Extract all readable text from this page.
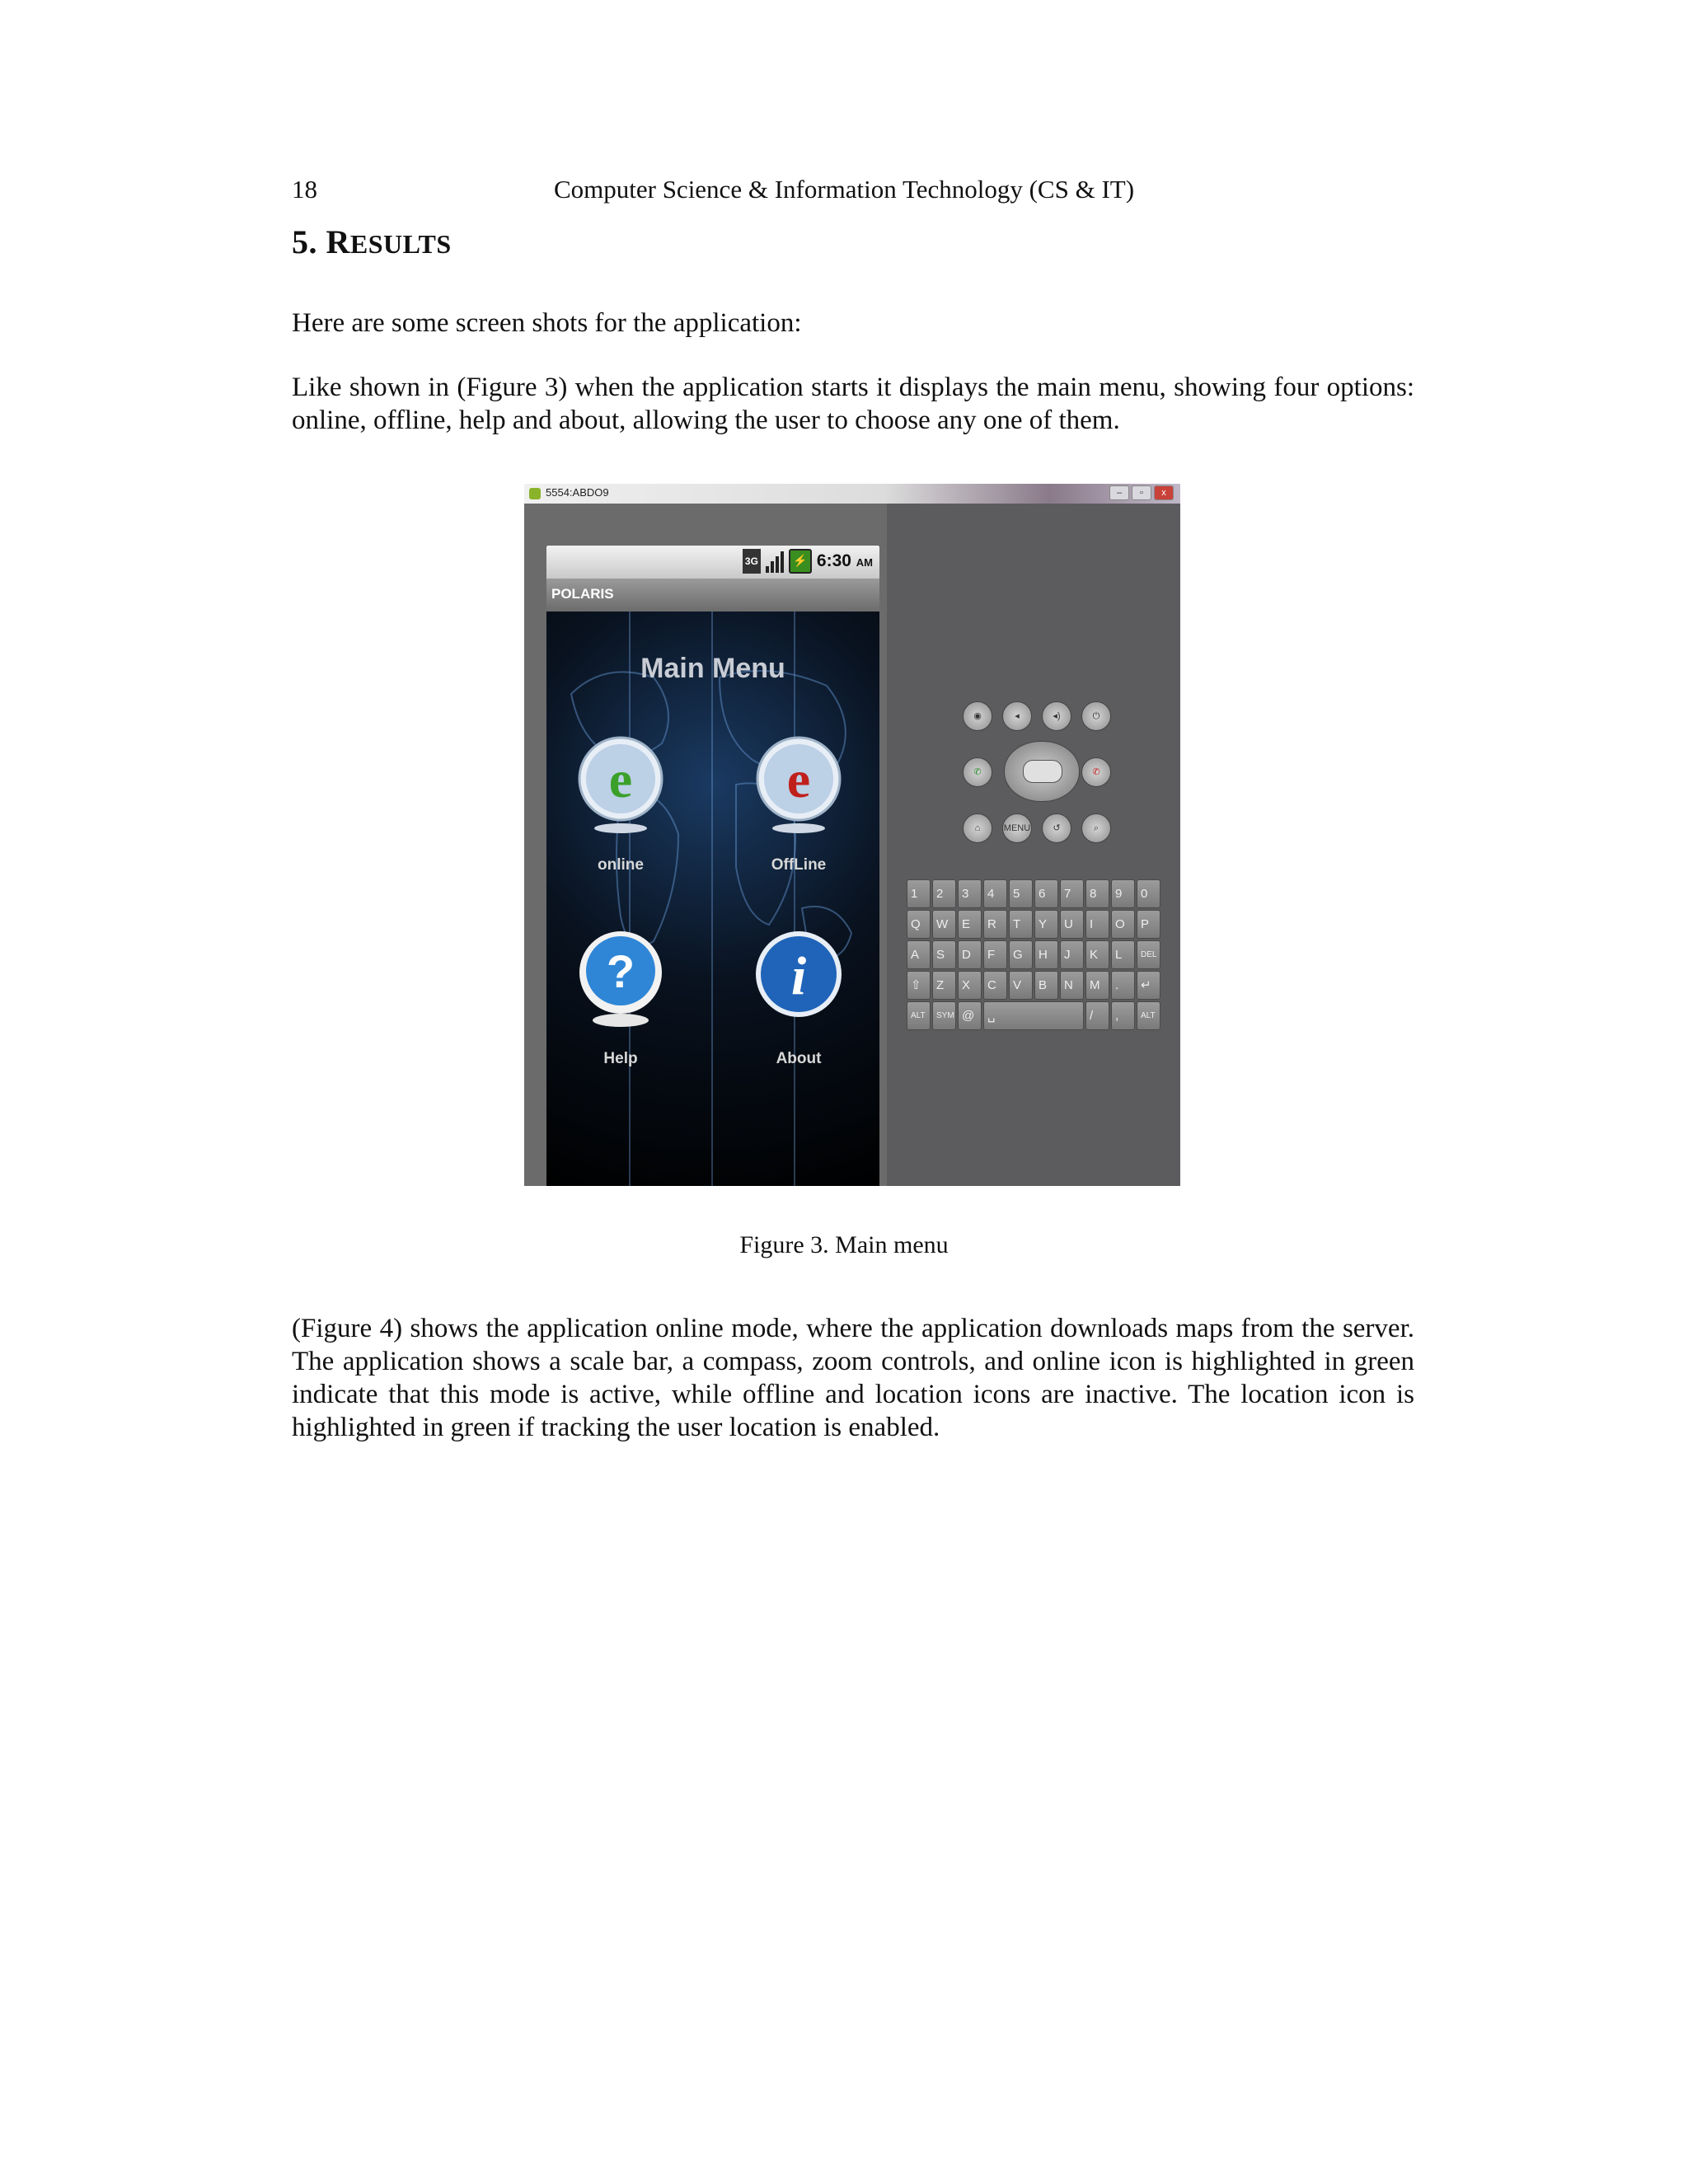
18	Computer Science & Information Technology (CS & IT)
5. RESULTS

Here are some screen shots for the application:

Like shown in (Figure 3) when the application starts it displays the main menu, showing four options: online, offline, help and about, allowing the user to choose any one of them.

5554:ABDO9	–	▫	x
3G	⚡ 6:30 AM
POLARIS
Main Menu
e
online
e
OffLine
?
Help
i
About
◉	◂	◂)	⏻
✆	✆
⌂	MENU	↺	⌕
1	2	3	4	5	6	7	8	9	0
Q	W	E	R	T	Y	U	I	O	P
A	S	D	F	G	H	J	K	L	DEL
⇧	Z	X	C	V	B	N	M	.	↵
ALT	SYM @	␣	/	,	ALT
Figure 3. Main menu

(Figure 4) shows the application online mode, where the application downloads maps from the server. The application shows a scale bar, a compass, zoom controls, and online icon is highlighted in green indicate that this mode is active, while offline and location icons are inactive. The location icon is highlighted in green if tracking the user location is enabled.
